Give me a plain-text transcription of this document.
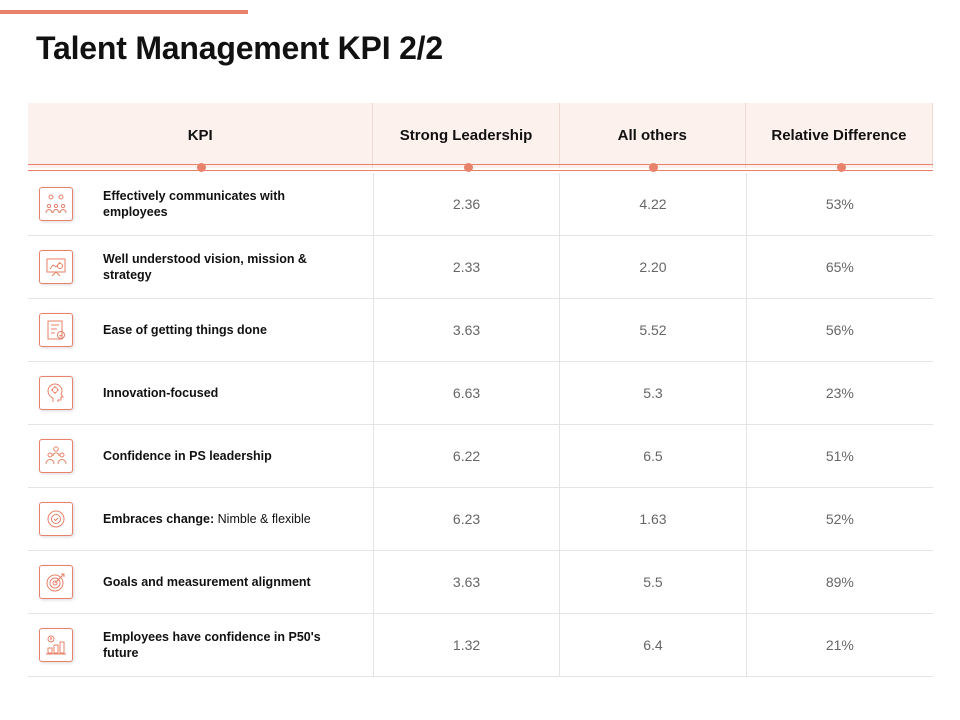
Talent Management KPI 2/2
KPI	Strong Leadership	All others	Relative Difference
Effectively communicates with employees	2.36	4.22	53%
Well understood vision, mission & strategy	2.33	2.20	65%
Ease of getting things done	3.63	5.52	56%
Innovation-focused	6.63	5.3	23%
Confidence in PS leadership	6.22	6.5	51%
Embraces change: Nimble & flexible	6.23	1.63	52%
Goals and measurement alignment	3.63	5.5	89%
Employees have confidence in P50's future	1.32	6.4	21%
